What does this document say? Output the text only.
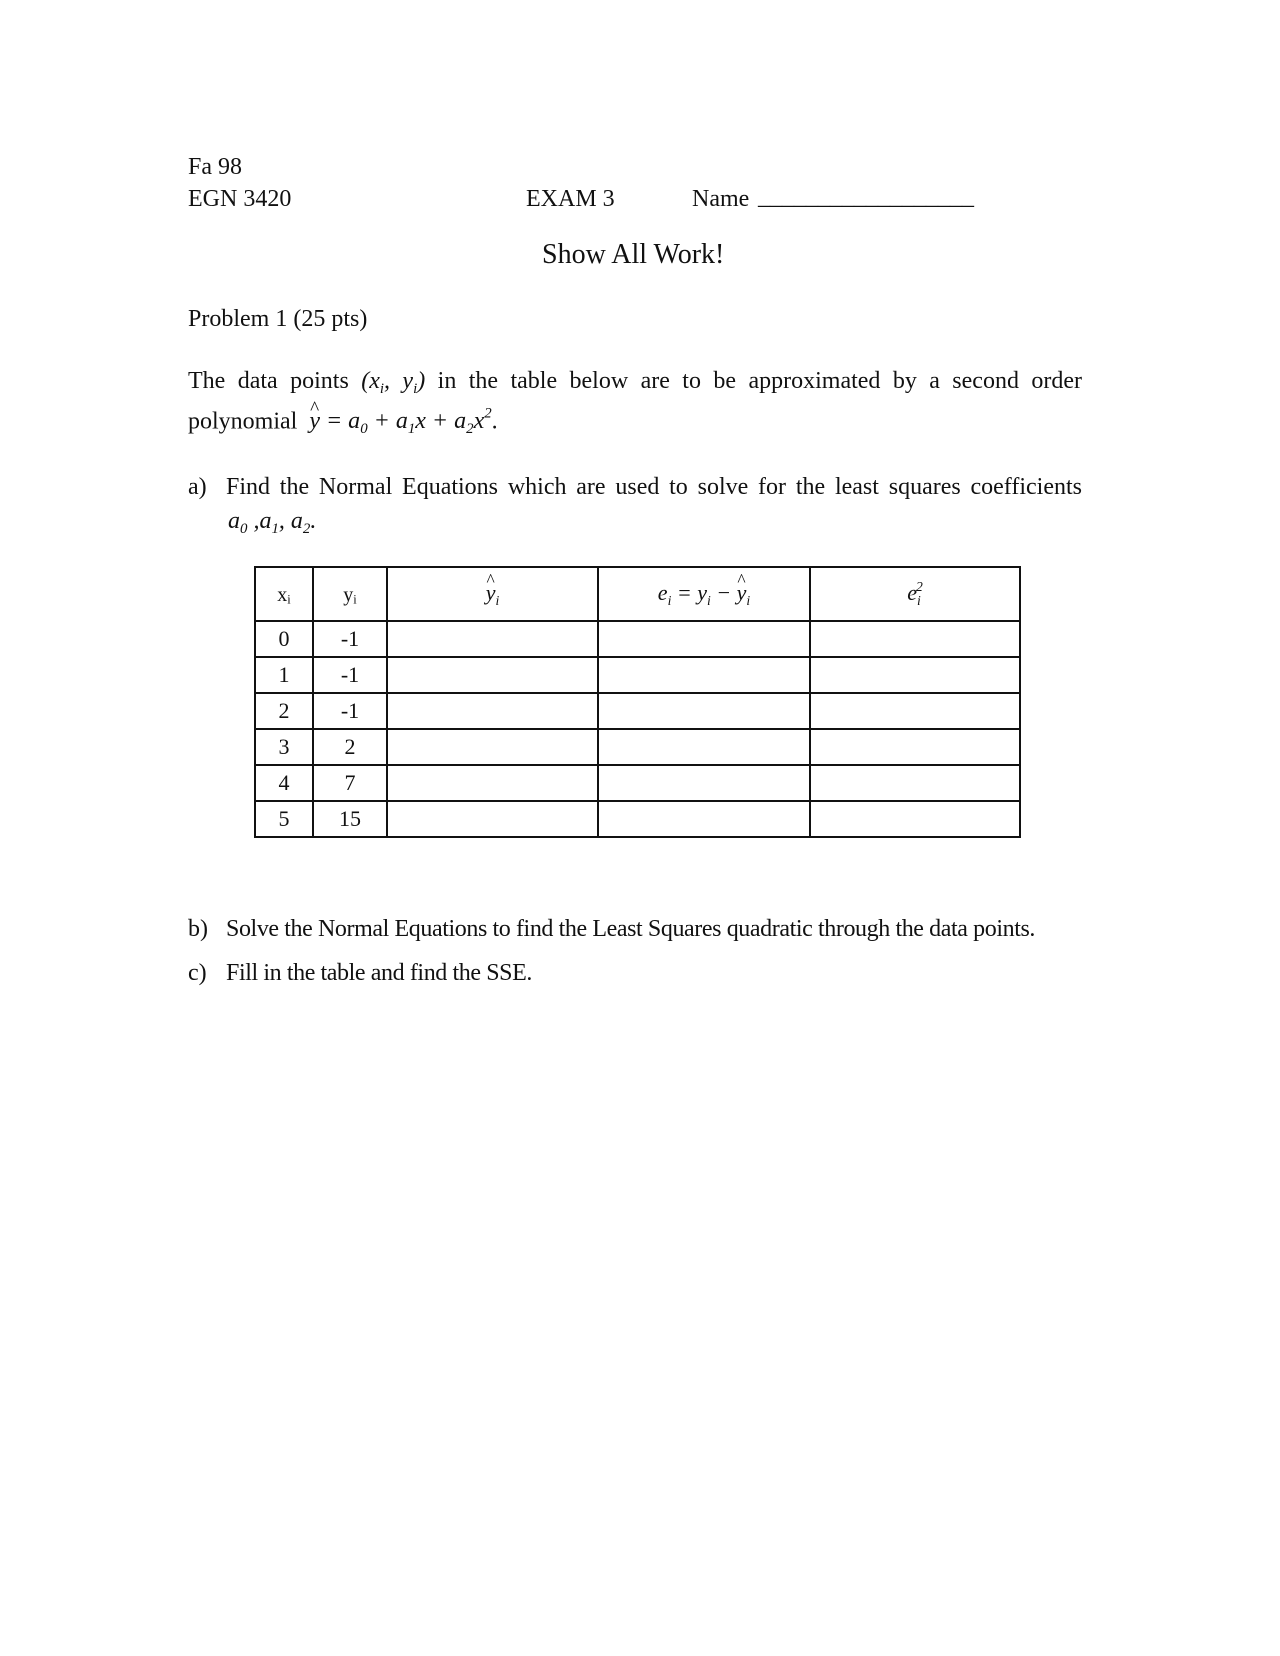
Fa 98
EGN 3420	EXAM 3	Name __________________
Show All Work!
Problem 1 (25 pts)
The data points ($x_i$, $y_i$) in the table below are to be approximated by a second order
polynomial ^ $y = a_0 + a_1x + a_2x^2$.
a) Find the Normal Equations which are used to solve for the least squares coefficients
$a_0$ $,a_1$, $a_2$.
xi	yi	^ $y_i$	$e_i = y_i$ − ^ $y_i$	$e_i^2$
0	-1			
1	-1			
2	-1			
3	2			
4	7			
5	15			
b) Solve the Normal Equations to find the Least Squares quadratic through the data points.
c) Fill in the table and find the SSE.
